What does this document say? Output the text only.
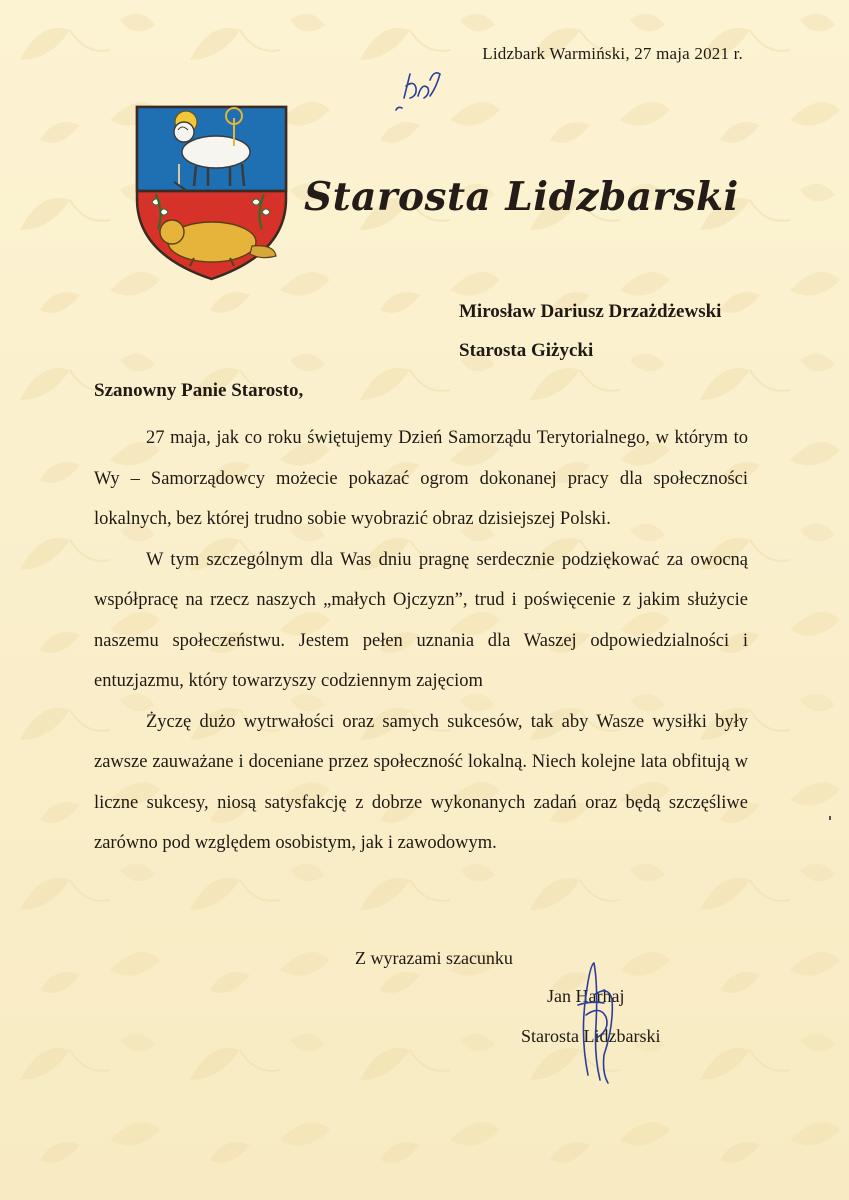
Lidzbark Warmiński, 27 maja 2021 r.
Starosta Lidzbarski
Mirosław Dariusz Drzażdżewski
Starosta Giżycki
Szanowny Panie Starosto,

27 maja, jak co roku świętujemy Dzień Samorządu Terytorialnego, w którym to Wy – Samorządowcy możecie pokazać ogrom dokonanej pracy dla społeczności lokalnych, bez której trudno sobie wyobrazić obraz dzisiejszej Polski.

W tym szczególnym dla Was dniu pragnę serdecznie podziękować za owocną współpracę na rzecz naszych „małych Ojczyzn”, trud i poświęcenie z jakim służycie naszemu społeczeństwu. Jestem pełen uznania dla Waszej odpowiedzialności i entuzjazmu, który towarzyszy codziennym zajęciom

Życzę dużo wytrwałości oraz samych sukcesów, tak aby Wasze wysiłki były zawsze zauważane i doceniane przez społeczność lokalną. Niech kolejne lata obfitują w liczne sukcesy, niosą satysfakcję z dobrze wykonanych zadań oraz będą szczęśliwe zarówno pod względem osobistym, jak i zawodowym.

Z wyrazami szacunku
Jan Harhaj
Starosta Lidzbarski
